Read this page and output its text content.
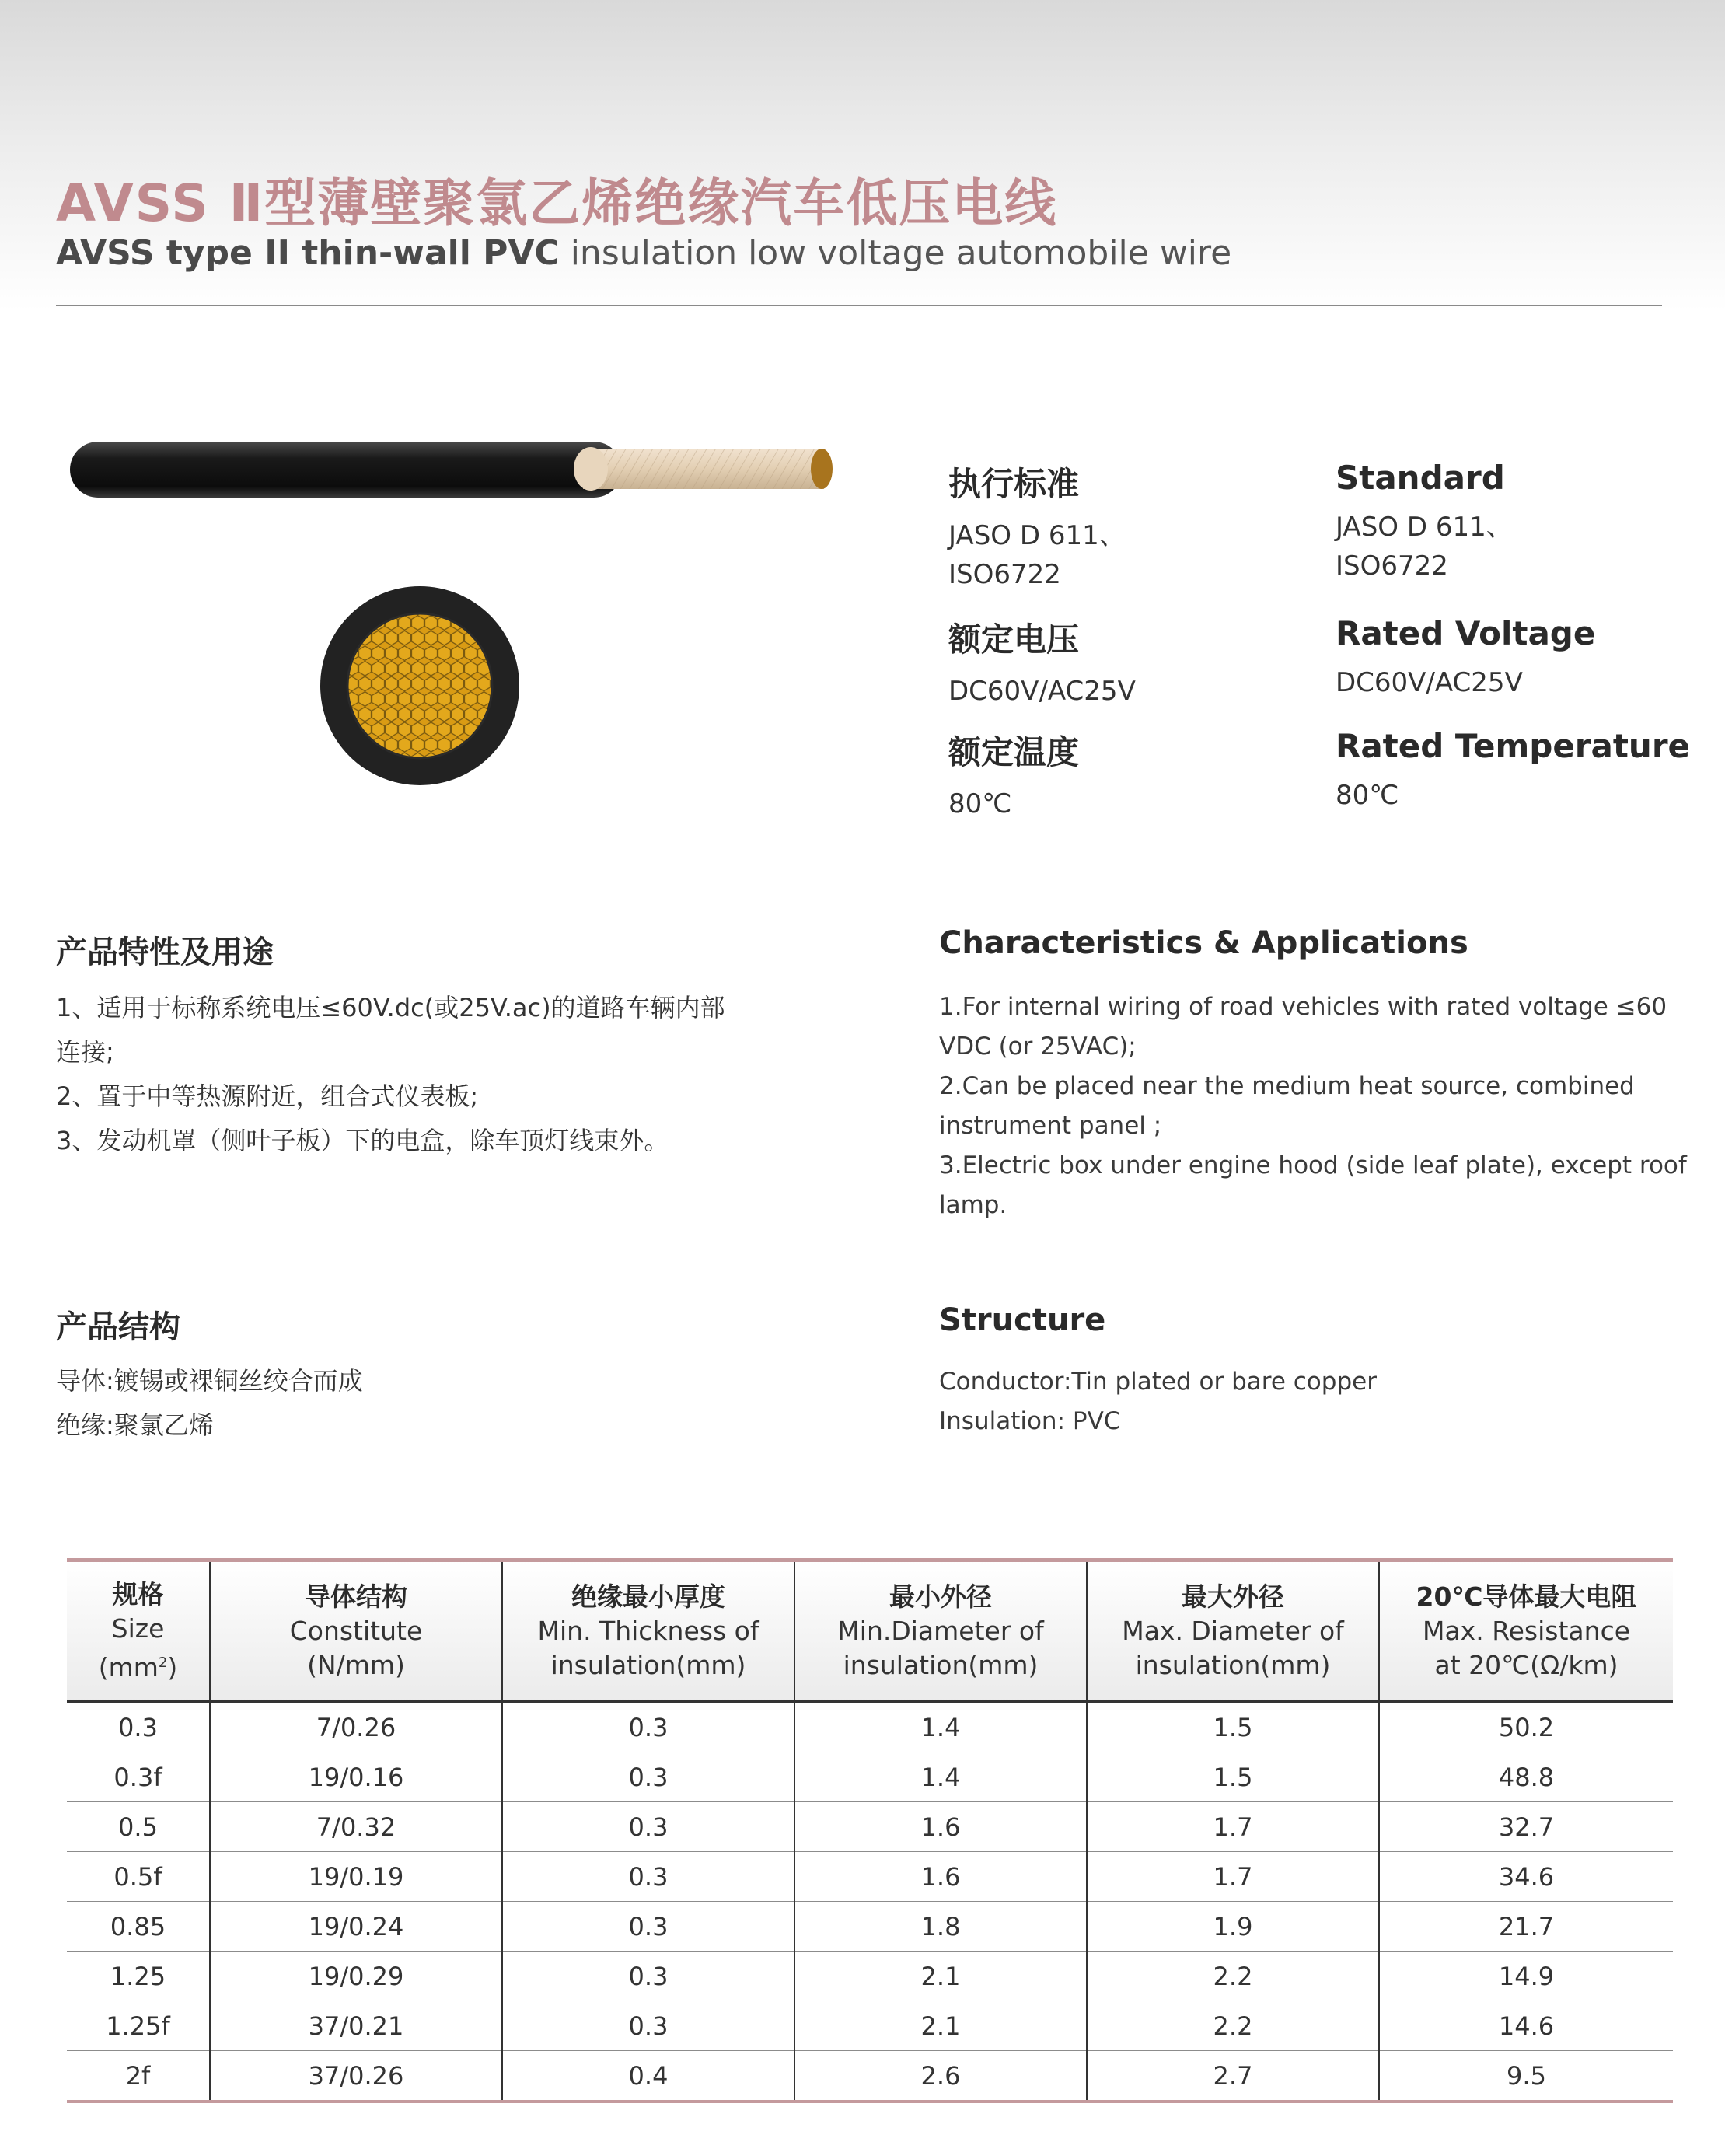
AVSS Ⅱ型薄壁聚氯乙烯绝缘汽车低压电线
AVSS type II thin-wall PVC insulation low voltage automobile wire
执行标准
JASO D 611、
ISO6722
Standard
JASO D 611、
ISO6722
额定电压
DC60V/AC25V
Rated Voltage
DC60V/AC25V
额定温度
80℃
Rated Temperature
80℃
产品特性及用途	Characteristics & Applications
1、适用于标称系统电压≤60V.dc(或25V.ac)的道路车辆内部
连接;
2、置于中等热源附近，组合式仪表板;
3、发动机罩（侧叶子板）下的电盒，除车顶灯线束外。
1.For internal wiring of road vehicles with rated voltage ≤60
VDC (or 25VAC);
2.Can be placed near the medium heat source, combined
instrument panel ;
3.Electric box under engine hood (side leaf plate), except roof
lamp.
产品结构	Structure
导体:镀锡或裸铜丝绞合而成
绝缘:聚氯乙烯
Conductor:Tin plated or bare copper
Insulation: PVC
规格
Size
$(mm^2)$	导体结构
Constitute
(N/mm)	绝缘最小厚度
Min. Thickness of
insulation(mm)	最小外径
Min.Diameter of
insulation(mm)	最大外径
Max. Diameter of
insulation(mm)	20℃导体最大电阻
Max. Resistance
at 20℃(Ω/km)

0.3	7/0.26	0.3	1.4	1.5	50.2
0.3f	19/0.16	0.3	1.4	1.5	48.8
0.5	7/0.32	0.3	1.6	1.7	32.7
0.5f	19/0.19	0.3	1.6	1.7	34.6
0.85	19/0.24	0.3	1.8	1.9	21.7
1.25	19/0.29	0.3	2.1	2.2	14.9
1.25f	37/0.21	0.3	2.1	2.2	14.6
2f	37/0.26	0.4	2.6	2.7	9.5
